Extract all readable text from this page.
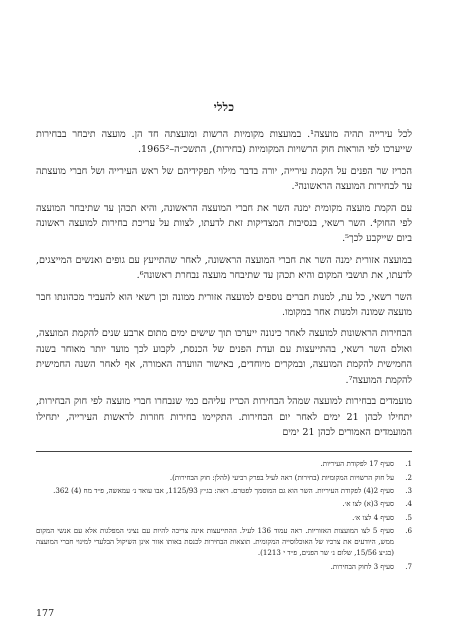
כללי

לכל עירייה תהיה מועצה¹. במועצות מקומיות הרשות ומועצתה חד הן. מועצה תיבחר בבחירות שייערכו לפי הוראות חוק הרשויות המקומיות (בחירות), התשכ״ה–1965².

הכריז שר הפנים על הקמת עירייה, יורה בדבר מילוי תפקידיהם של ראש העירייה ושל חברי מועצתה עד לבחירות המועצה הראשונה³.

עם הקמת מועצה מקומית ימנה השר את חברי המועצה הראשונה, והיא תכהן עד שתיבחר המועצה לפי החוק⁴. השר רשאי, בנסיבות המצדיקות זאת לדעתו, לצוות על עריכת בחירות למועצה ראשונה ביום שייקבע לכך⁵.

במועצה אזורית ימנה השר את חברי המועצה הראשונה, לאחר שהתייעץ עם גופים ואנשים המייצגים, לדעתו, את תושבי המקום והיא תכהן עד שתיבחר מועצה נבחרת ראשונה⁶.

השר רשאי, כל עת, למנות חברים נוספים למועצה אזורית ממונה וכן רשאי הוא להעביר מכהונתו חבר מועצה שמונה ולמנות אחר במקומו.

הבחירות הראשונות למועצה לאחר כינונה ייערכו תוך שישים ימים מתום ארבע שנים להקמת המועצה, ואולם השר רשאי, בהתייעצות עם ועדת הפנים של הכנסת, לקבוע לכך מועד יותר מאוחר בשנה החמישית להקמת המועצה, ובמקרים מיוחדים, באישור הוועדה האמורה, אף לאחר השנה החמישית להקמת המועצה⁷.

מועמדים בבחירות למועצה שמהל הבחירות הכריז עליהם כמי שנבחרו חברי מועצה לפי חוק הבחירות, יתחילו לכהן 21 ימים לאחר יום הבחירות. התקיימו בחירות חוזרות לראשות העירייה, יתחילו המועמדים האמורים לכהן 21 ימים

1.
סעיף 17 לפקודת העיריות.
2.
על חוק הרשויות המקומיות (בחירות) ראה לעיל בפרק רביעי (להלן: חוק הבחירות).
3.
סעיף 2(4) לפקודת העיריות. השר הוא גם המוסמך לפטרם. ראה: בג״ץ 1125/93, אבו עואד נ׳ עמאשה, פ״ד מח (4) 362.
4.
סעיף 3(א) לצו א׳.
5.
סעיף 4 לצו א׳.
6.
סעיף 5 לצו המועצות האזוריות. ראה עמוד 136 לעיל. ההתייעצות אינה צריכה להיות עם נציגי המפלגות אלא עם אנשי המקום ממש, היודעים את צרכיו של האוכלוסייה המקומית. תוצאות הבחירות לכנסת באותו אזור אינן השיקול הבלעדי למינוי חברי המועצה (בג״צ 15/56, שלום נ׳ שר הפנים, פ״ד י 1213).
7.
סעיף 3 לחוק הבחירות.
177
